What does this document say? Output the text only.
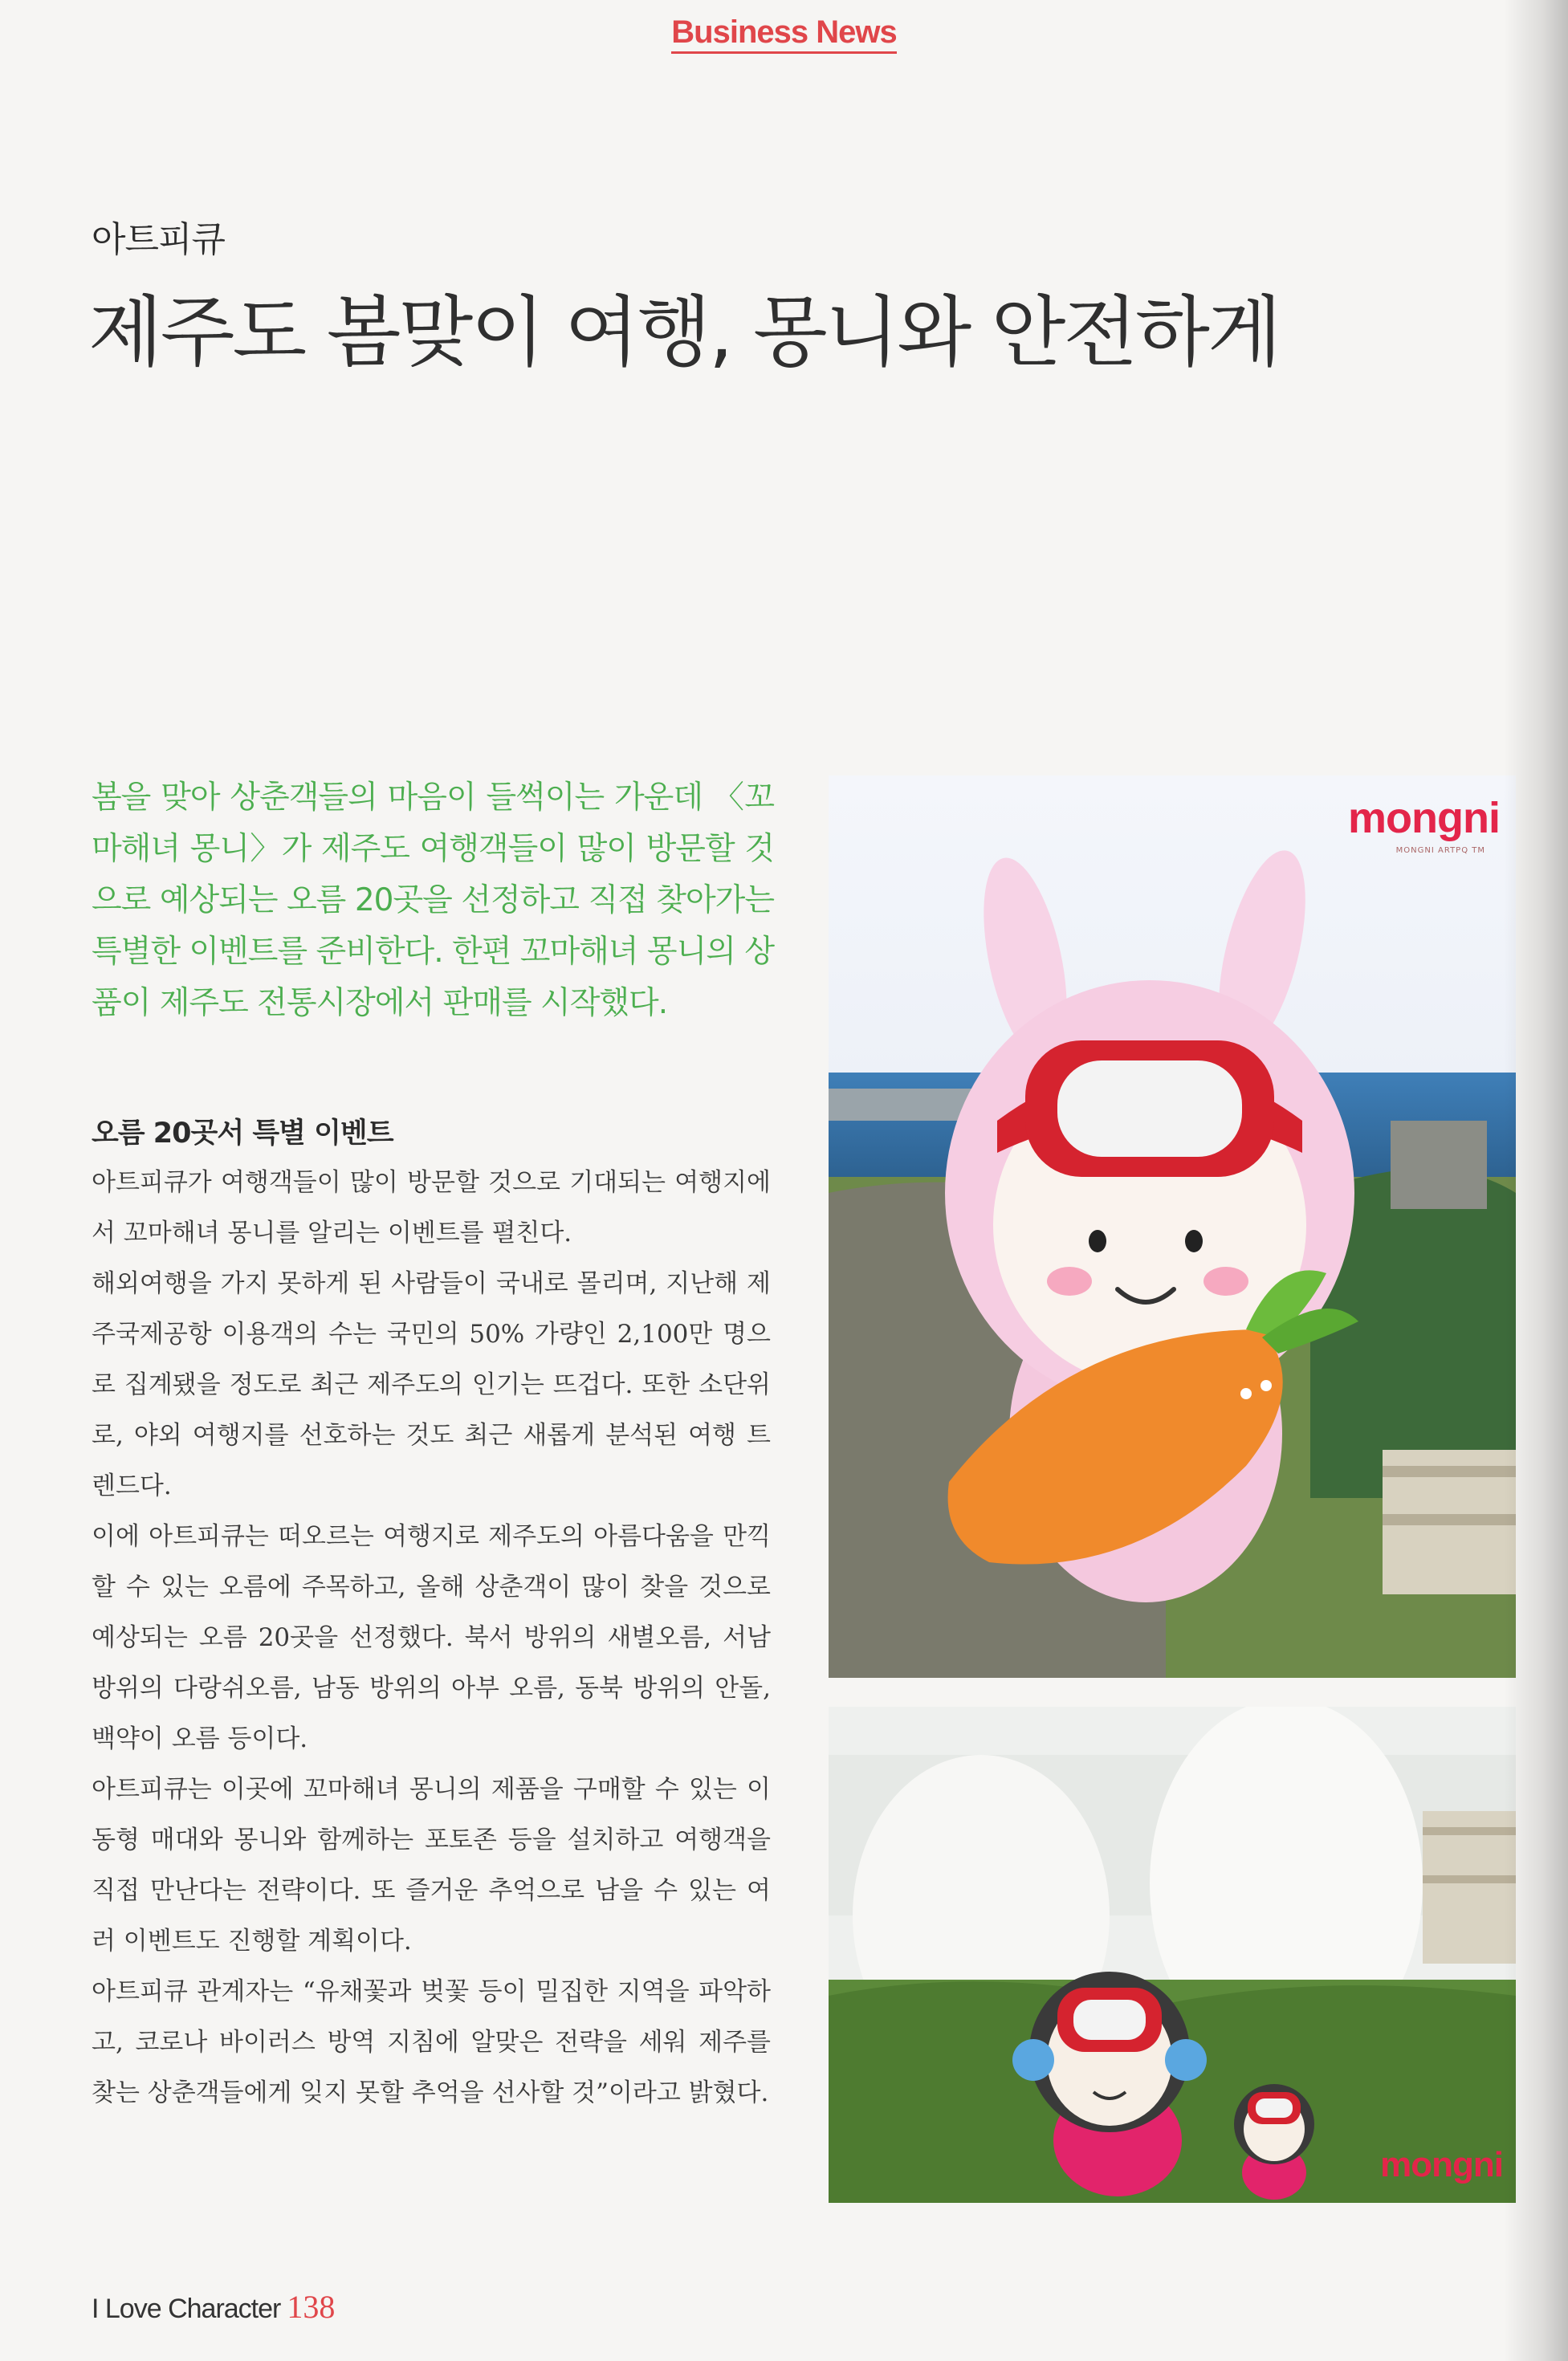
Business News
아트피큐
제주도 봄맞이 여행, 몽니와 안전하게
봄을 맞아 상춘객들의 마음이 들썩이는 가운데 〈꼬마해녀 몽니〉가 제주도 여행객들이 많이 방문할 것으로 예상되는 오름 20곳을 선정하고 직접 찾아가는 특별한 이벤트를 준비한다. 한편 꼬마해녀 몽니의 상품이 제주도 전통시장에서 판매를 시작했다.
오름 20곳서 특별 이벤트

아트피큐가 여행객들이 많이 방문할 것으로 기대되는 여행지에서 꼬마해녀 몽니를 알리는 이벤트를 펼친다.

해외여행을 가지 못하게 된 사람들이 국내로 몰리며, 지난해 제주국제공항 이용객의 수는 국민의 50% 가량인 2,100만 명으로 집계됐을 정도로 최근 제주도의 인기는 뜨겁다. 또한 소단위로, 야외 여행지를 선호하는 것도 최근 새롭게 분석된 여행 트렌드다.

이에 아트피큐는 떠오르는 여행지로 제주도의 아름다움을 만끽할 수 있는 오름에 주목하고, 올해 상춘객이 많이 찾을 것으로 예상되는 오름 20곳을 선정했다. 북서 방위의 새별오름, 서남 방위의 다랑쉬오름, 남동 방위의 아부 오름, 동북 방위의 안돌, 백약이 오름 등이다.

아트피큐는 이곳에 꼬마해녀 몽니의 제품을 구매할 수 있는 이동형 매대와 몽니와 함께하는 포토존 등을 설치하고 여행객을 직접 만난다는 전략이다. 또 즐거운 추억으로 남을 수 있는 여러 이벤트도 진행할 계획이다.

아트피큐 관계자는 “유채꽃과 벚꽃 등이 밀집한 지역을 파악하고, 코로나 바이러스 방역 지침에 알맞은 전략을 세워 제주를 찾는 상춘객들에게 잊지 못할 추억을 선사할 것”이라고 밝혔다.

mongni
MONGNI ARTPQ TM
mongni
I Love Character 138
